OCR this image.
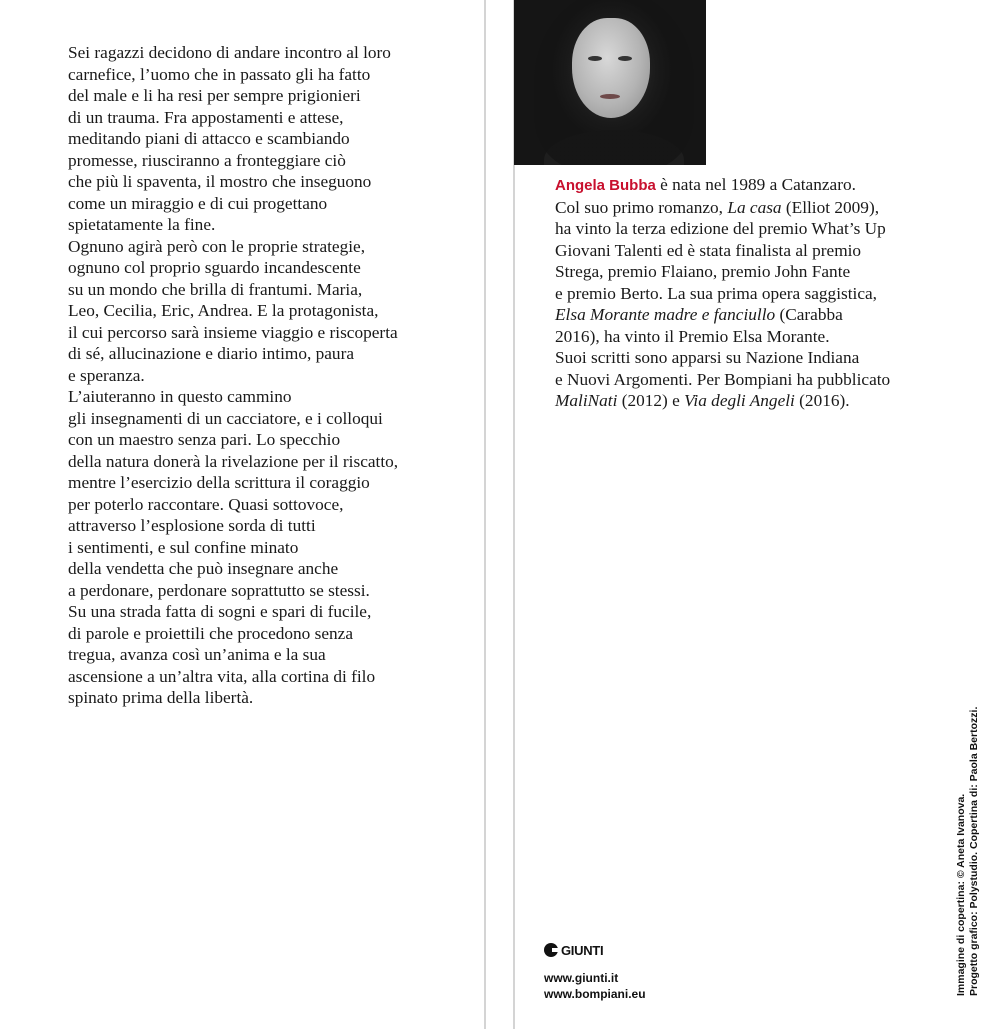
Sei ragazzi decidono di andare incontro al loro
carnefice, l’uomo che in passato gli ha fatto
del male e li ha resi per sempre prigionieri
di un trauma. Fra appostamenti e attese,
meditando piani di attacco e scambiando
promesse, riusciranno a fronteggiare ciò
che più li spaventa, il mostro che inseguono
come un miraggio e di cui progettano
spietatamente la fine.

Ognuno agirà però con le proprie strategie,
ognuno col proprio sguardo incandescente
su un mondo che brilla di frantumi. Maria,
Leo, Cecilia, Eric, Andrea. E la protagonista,
il cui percorso sarà insieme viaggio e riscoperta
di sé, allucinazione e diario intimo, paura
e speranza.

L’aiuteranno in questo cammino
gli insegnamenti di un cacciatore, e i colloqui
con un maestro senza pari. Lo specchio
della natura donerà la rivelazione per il riscatto,
mentre l’esercizio della scrittura il coraggio
per poterlo raccontare. Quasi sottovoce,
attraverso l’esplosione sorda di tutti
i sentimenti, e sul confine minato
della vendetta che può insegnare anche
a perdonare, perdonare soprattutto se stessi.
Su una strada fatta di sogni e spari di fucile,
di parole e proiettili che procedono senza
tregua, avanza così un’anima e la sua
ascensione a un’altra vita, alla cortina di filo
spinato prima della libertà.

Angela Bubba è nata nel 1989 a Catanzaro.
Col suo primo romanzo, La casa (Elliot 2009),
ha vinto la terza edizione del premio What’s Up
Giovani Talenti ed è stata finalista al premio
Strega, premio Flaiano, premio John Fante
e premio Berto. La sua prima opera saggistica,
Elsa Morante madre e fanciullo (Carabba
2016), ha vinto il Premio Elsa Morante.
Suoi scritti sono apparsi su Nazione Indiana
e Nuovi Argomenti. Per Bompiani ha pubblicato
MaliNati (2012) e Via degli Angeli (2016).
GIUNTI
www.giunti.it
www.bompiani.eu	Immagine di copertina: © Aneta Ivanova. Progetto grafico: Polystudio. Copertina di: Paola Bertozzi.
